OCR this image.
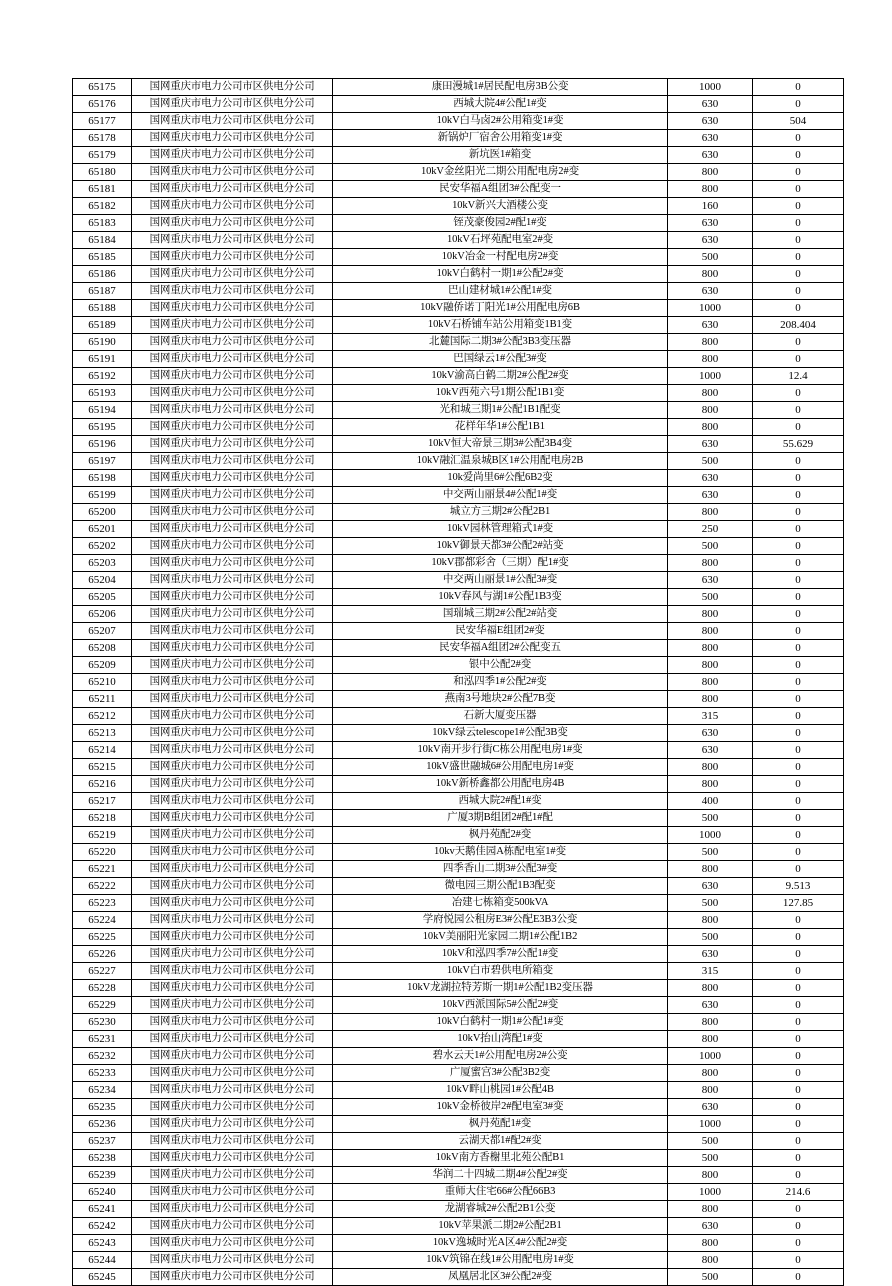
65175	国网重庆市电力公司市区供电分公司	康田漫城1#居民配电房3B公变	1000	0
65176	国网重庆市电力公司市区供电分公司	西城大院4#公配1#变	630	0
65177	国网重庆市电力公司市区供电分公司	10kV白马卤2#公用箱变1#变	630	504
65178	国网重庆市电力公司市区供电分公司	新锅炉厂宿舍公用箱变1#变	630	0
65179	国网重庆市电力公司市区供电分公司	新坑医1#箱变	630	0
65180	国网重庆市电力公司市区供电分公司	10kV金丝阳光二期公用配电房2#变	800	0
65181	国网重庆市电力公司市区供电分公司	民安华福A组团3#公配变一	800	0
65182	国网重庆市电力公司市区供电分公司	10kV新兴大酒楼公变	160	0
65183	国网重庆市电力公司市区供电分公司	铚茂豪俊园2#配1#变	630	0
65184	国网重庆市电力公司市区供电分公司	10kV石坪苑配电室2#变	630	0
65185	国网重庆市电力公司市区供电分公司	10kV冶金一村配电房2#变	500	0
65186	国网重庆市电力公司市区供电分公司	10kV白鹤村一期1#公配2#变	800	0
65187	国网重庆市电力公司市区供电分公司	巴山建材城1#公配1#变	630	0
65188	国网重庆市电力公司市区供电分公司	10kV融侨诺丁阳光1#公用配电房6B	1000	0
65189	国网重庆市电力公司市区供电分公司	10kV石桥铺车站公用箱变1B1变	630	208.404
65190	国网重庆市电力公司市区供电分公司	北麓国际二期3#公配3B3变压器	800	0
65191	国网重庆市电力公司市区供电分公司	巴国绿云1#公配3#变	800	0
65192	国网重庆市电力公司市区供电分公司	10kV渝高白鹤二期2#公配2#变	1000	12.4
65193	国网重庆市电力公司市区供电分公司	10kV西苑六号1期公配1B1变	800	0
65194	国网重庆市电力公司市区供电分公司	光和城三期1#公配1B1配变	800	0
65195	国网重庆市电力公司市区供电分公司	花样年华1#公配1B1	800	0
65196	国网重庆市电力公司市区供电分公司	10kV恒大帝景三期3#公配3B4变	630	55.629
65197	国网重庆市电力公司市区供电分公司	10kV融汇温泉城B区1#公用配电房2B	500	0
65198	国网重庆市电力公司市区供电分公司	10k爱尚里6#公配6B2变	630	0
65199	国网重庆市电力公司市区供电分公司	中交两山丽景4#公配1#变	630	0
65200	国网重庆市电力公司市区供电分公司	城立方三期2#公配2B1	800	0
65201	国网重庆市电力公司市区供电分公司	10kV园林管理箱式1#变	250	0
65202	国网重庆市电力公司市区供电分公司	10kV御景天都3#公配2#站变	500	0
65203	国网重庆市电力公司市区供电分公司	10kV郡都彩舍（三期）配1#变	800	0
65204	国网重庆市电力公司市区供电分公司	中交两山丽景1#公配3#变	630	0
65205	国网重庆市电力公司市区供电分公司	10kV春风与湖1#公配1B3变	500	0
65206	国网重庆市电力公司市区供电分公司	国瑞城三期2#公配2#站变	800	0
65207	国网重庆市电力公司市区供电分公司	民安华福E组团2#变	800	0
65208	国网重庆市电力公司市区供电分公司	民安华福A组团2#公配变五	800	0
65209	国网重庆市电力公司市区供电分公司	银中公配2#变	800	0
65210	国网重庆市电力公司市区供电分公司	和泓四季1#公配2#变	800	0
65211	国网重庆市电力公司市区供电分公司	燕南3号地块2#公配7B变	800	0
65212	国网重庆市电力公司市区供电分公司	石新大厦变压器	315	0
65213	国网重庆市电力公司市区供电分公司	10kV绿云telescope1#公配3B变	630	0
65214	国网重庆市电力公司市区供电分公司	10kV南开步行街C栋公用配电房1#变	630	0
65215	国网重庆市电力公司市区供电分公司	10kV盛世融城6#公用配电房1#变	800	0
65216	国网重庆市电力公司市区供电分公司	10kV新桥鑫都公用配电房4B	800	0
65217	国网重庆市电力公司市区供电分公司	西城大院2#配1#变	400	0
65218	国网重庆市电力公司市区供电分公司	广厦3期B组团2#配1#配	500	0
65219	国网重庆市电力公司市区供电分公司	枫丹苑配2#变	1000	0
65220	国网重庆市电力公司市区供电分公司	10kv天鹅佳园A栋配电室1#变	500	0
65221	国网重庆市电力公司市区供电分公司	四季香山二期3#公配3#变	800	0
65222	国网重庆市电力公司市区供电分公司	微电园三期公配1B3配变	630	9.513
65223	国网重庆市电力公司市区供电分公司	冶建七栋箱变500kVA	500	127.85
65224	国网重庆市电力公司市区供电分公司	学府悦园公租房E3#公配E3B3公变	800	0
65225	国网重庆市电力公司市区供电分公司	10kV美丽阳光家园二期1#公配1B2	500	0
65226	国网重庆市电力公司市区供电分公司	10kV和泓四季7#公配1#变	630	0
65227	国网重庆市电力公司市区供电分公司	10kV白市碧供电所箱变	315	0
65228	国网重庆市电力公司市区供电分公司	10kV龙湖拉特芳斯一期1#公配1B2变压器	800	0
65229	国网重庆市电力公司市区供电分公司	10kV西派国际5#公配2#变	630	0
65230	国网重庆市电力公司市区供电分公司	10kV白鹤村一期1#公配1#变	800	0
65231	国网重庆市电力公司市区供电分公司	10kV抬山湾配1#变	800	0
65232	国网重庆市电力公司市区供电分公司	碧水云天1#公用配电房2#公变	1000	0
65233	国网重庆市电力公司市区供电分公司	广厦蜜宫3#公配3B2变	800	0
65234	国网重庆市电力公司市区供电分公司	10kV畔山桃园1#公配4B	800	0
65235	国网重庆市电力公司市区供电分公司	10kV金桥彼岸2#配电室3#变	630	0
65236	国网重庆市电力公司市区供电分公司	枫丹苑配1#变	1000	0
65237	国网重庆市电力公司市区供电分公司	云湖天都1#配2#变	500	0
65238	国网重庆市电力公司市区供电分公司	10kV南方香榭里北苑公配B1	500	0
65239	国网重庆市电力公司市区供电分公司	华润二十四城二期4#公配2#变	800	0
65240	国网重庆市电力公司市区供电分公司	重师大住宅66#公配66B3	1000	214.6
65241	国网重庆市电力公司市区供电分公司	龙湖睿城2#公配2B1公变	800	0
65242	国网重庆市电力公司市区供电分公司	10kV苹果派二期2#公配2B1	630	0
65243	国网重庆市电力公司市区供电分公司	10kV逸城时光A区4#公配2#变	800	0
65244	国网重庆市电力公司市区供电分公司	10kV筑锦在线1#公用配电房1#变	800	0
65245	国网重庆市电力公司市区供电分公司	凤凰居北区3#公配2#变	500	0
